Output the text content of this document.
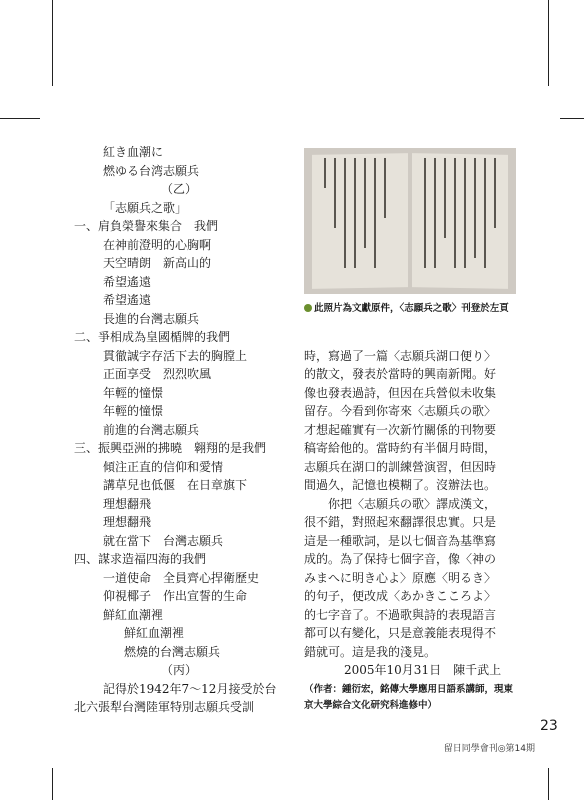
紅き血潮に
燃ゆる台湾志願兵
（乙）
「志願兵之歌」
一、肩負榮譽來集合　我們
在神前澄明的心胸啊
天空晴朗　新高山的
希望遙遠
希望遙遠
長進的台灣志願兵
二、爭相成為皇國楯牌的我們
貫徹誠字存活下去的胸膛上
正面享受　烈烈吹風
年輕的憧憬
年輕的憧憬
前進的台灣志願兵
三、振興亞洲的拂曉　翱翔的是我們
傾注正直的信仰和愛情
講草兒也低偃　在日章旗下
理想翻飛
理想翻飛
就在當下　台灣志願兵
四、謀求造福四海的我們
一道使命　全員齊心捍衛歷史
仰視椰子　作出宣誓的生命
鮮紅血潮裡
鮮紅血潮裡
燃燒的台灣志願兵
（丙）
記得於1942年7～12月接受於台
北六張犁台灣陸軍特別志願兵受訓
此照片為文獻原件，〈志願兵之歌〉刊登於左頁
時，寫過了一篇〈志願兵湖口便り〉
的散文，發表於當時的興南新聞。好
像也發表過詩，但因在兵營似未收集
留存。今看到你寄來〈志願兵の歌〉
才想起確實有一次新竹關係的刊物要
稿寄給他的。當時約有半個月時間，
志願兵在湖口的訓練營演習，但因時
間過久，記憶也模糊了。沒辦法也。
你把〈志願兵の歌〉譯成漢文，
很不錯，對照起來翻譯很忠實。只是
這是一種歌詞，是以七個音為基準寫
成的。為了保持七個字音，像〈神の
みまへに明き心よ〉原應〈明るき〉
的句子，便改成〈あかきこころよ〉
的七字音了。不過歌與詩的表現語言
都可以有變化，只是意義能表現得不
錯就可。這是我的淺見。
2005年10月31日　陳千武上
（作者：鍾衍宏，銘傳大學應用日語系講師，現東
京大學綜合文化研究科進修中）
23
留日同學會刊◎第14期
